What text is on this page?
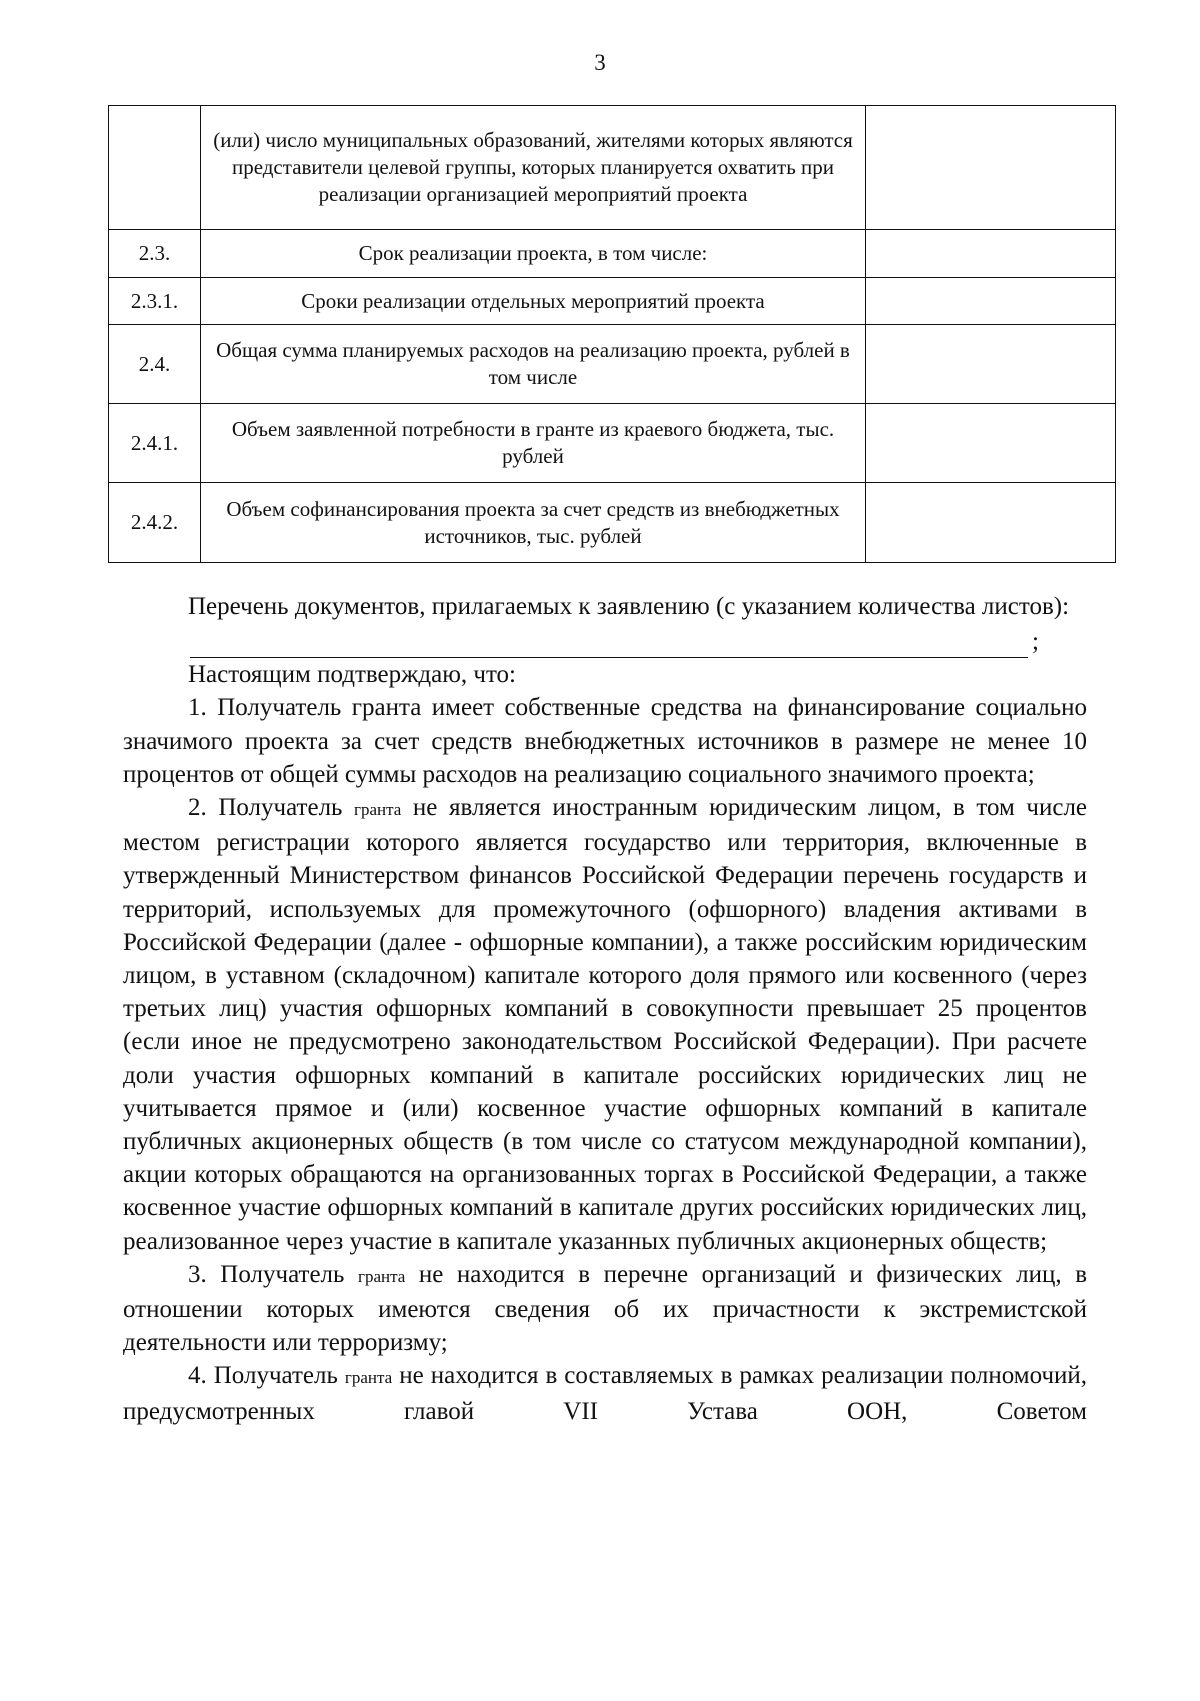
3
	(или) число муниципальных образований, жителями которых являются представители целевой группы, которых планируется охватить при реализации организацией мероприятий проекта	
2.3.	Срок реализации проекта, в том числе:	
2.3.1.	Сроки реализации отдельных мероприятий проекта	
2.4.	Общая сумма планируемых расходов на реализацию проекта, рублей в том числе	
2.4.1.	Объем заявленной потребности в гранте из краевого бюджета, тыс. рублей	
2.4.2.	Объем софинансирования проекта за счет средств из внебюджетных источников, тыс. рублей	

Перечень документов, прилагаемых к заявлению (с указанием количества листов):

;

Настоящим подтверждаю, что:

1. Получатель гранта имеет собственные средства на финансирование социально значимого проекта за счет средств внебюджетных источников в размере не менее 10 процентов от общей суммы расходов на реализацию социального значимого проекта;

2. Получатель гранта не является иностранным юридическим лицом, в том числе местом регистрации которого является государство или территория, включенные в утвержденный Министерством финансов Российской Федерации перечень государств и территорий, используемых для промежуточного (офшорного) владения активами в Российской Федерации (далее - офшорные компании), а также российским юридическим лицом, в уставном (складочном) капитале которого доля прямого или косвенного (через третьих лиц) участия офшорных компаний в совокупности превышает 25 процентов (если иное не предусмотрено законодательством Российской Федерации). При расчете доли участия офшорных компаний в капитале российских юридических лиц не учитывается прямое и (или) косвенное участие офшорных компаний в капитале публичных акционерных обществ (в том числе со статусом международной компании), акции которых обращаются на организованных торгах в Российской Федерации, а также косвенное участие офшорных компаний в капитале других российских юридических лиц, реализованное через участие в капитале указанных публичных акционерных обществ;

3. Получатель гранта не находится в перечне организаций и физических лиц, в отношении которых имеются сведения об их причастности к экстремистской деятельности или терроризму;

4. Получатель гранта не находится в составляемых в рамках реализации полномочий, предусмотренных главой VII Устава ООН, Советом
